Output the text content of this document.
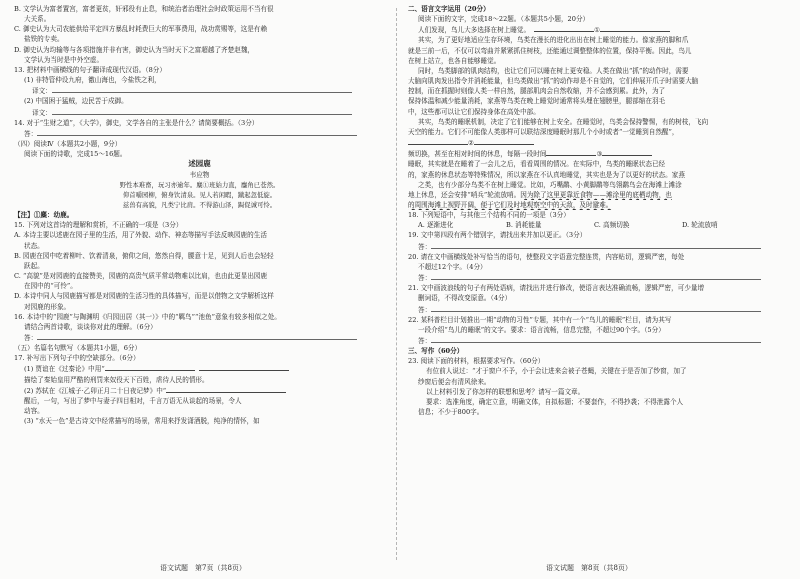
B. 文学认为富者置宫，富者更贫，奸邪役有止息，和统治者治理社会时政策运用不当有很
大关系。
C. 御史认为大司农能供给平定四方暴乱时耗费巨大的军事费用，战功赏赐等，这是有赖
盐铁的专卖。
D. 御史认为均输等与各项措施并非有害，御史认为当时天下之富超越了齐楚赵魏，
文学认为当时是中外空虚。
13. 把材料中画横线的句子翻译成现代汉语。（8分）
(1) 非特管仲设九府，徼山海也，今盐铁之利，
译文：
(2) 中国困于猛贼，边民苦于戍御。
译文：
14. 对于“生财之道”，《大学》，御史，文学各自的主张是什么？请简要概括。（3分）
答：
（四）阅读Ⅳ（本题共2小题，9分）
阅读下面的诗歌，完成15～16题。
述园鹿
韦应物
野性本难畜，玩习亦逾年。麋①班始力直，鏖角已苍然。
仰首嚼园柳，俯身饮清泉。见人若闲暇，蹴起忽低旋。
兹兽有高貌，凡类宁比肩。不得游山泽，跼促诚可怜。
【注】①麋：幼鹿。
15. 下列对这首诗的理解和赏析，不正确的一项是（3分）
A. 本诗主要以述鹿在园子里的生活，用了外貌、动作、神态等描写手法反映园鹿的生活
状态。
B. 园鹿在园中吃着柳叶、饮着清泉，俯仰之间，悠然自得，腰意十足，见到人后也会轻轻
跃起。
C. “高貌”是对园鹿的直接赞美，园鹿的高贵气质平常动物难以比肩，也由此更显出园鹿
在园中的“可怜”。
D. 本诗中同人与园鹿描写都是对园鹿的生活习性的具体描写，而是以借物之文学解析这样
对园鹿的形象。
16. 本诗中的“园鹿”与陶渊明《归园田居（其一）》中的“羁鸟”“池鱼”意象有较多相似之处。
请结合两首诗歌，谈谈你对此的理解。（6分）
答：
（五）名篇名句默写（本题共1小题，6分）
17. 补写出下列句子中的空缺部分。（6分）
(1) 贾谊在《过秦论》中用“
描绘了秦始皇用严酷的刑罚来奴役天下百姓，虐待人民的情形。
(2) 苏轼在《江城子·乙卯正月二十日夜记梦》中“
醒后，一句，写出了梦中与妻子四目相对，千言万语无从谈起的场景，令人
动容。
(3) “水天一色”是古诗文中经常描写的场景，常用来抒发潇酒脱，纯净的情怀，如
二、语言文字运用（20分）
阅读下面的文字，完成18～22题。（本题共5小题，20分）
人们发现，鸟儿大多选择在树上睡觉。	①
其实，为了更好地适应生存环境，鸟类在漫长的进化出出在树上睡觉的能力。像家燕的脚和爪
就是三前一后，不仅可以弯曲并紧紧抓住树枝，还能通过调整整体的位置，保持平衡。因此，鸟儿
在树上站立，也各自能够睡觉。
同时，鸟类脚部的肌肉结构，也让它们可以睡在树上更安稳。人类在做出“抓”的动作时，需要
大脑向肌肉发出指令并消耗能量，但鸟类做出“抓”的动作却是不自觉的，它们伸展开爪子时需要大脑
控制，而在抓握时则像人类一样自然，腿部肌肉会自然收缩，并不会感到累。此外，为了
保持体温和减少能量消耗，家燕等鸟类在晚上睡觉时通常将头埋在翅膀里，腿部缩在羽毛
中，这些都可以让它们保持身体在高处中部。
其实，鸟类的睡眠机制，决定了它们能够在树上安全。在睡觉时，鸟类会保持警惕，有的树枝，飞向
天空的能力。它们不可能像人类那样可以联结深度睡眠时那几个小时或者“一觉睡到自然醒”，
②
频切换，甚至在相对时间的休息，每隔一段时间	③
睡眠，其实就是在睡着了一会儿之后，看看周围的情况。在实际中，鸟类的睡眠状态已经
的，家燕的休息状态等特殊情况，所以家燕在不认真地睡觉，其实也是为了以更好的状态。家燕
之类，也有少部分鸟类不在树上睡觉。比如，巧嘴鹬、小黄脚鹬等鸟翎鹬鸟会在海滩上滩涂
地上休息，还会安排“哨兵”轮流放哨。因为除了这里更靠近食物——滩涂里的底栖动物，也
的周围海滩上视野开阔，便于它们及时地观察空中的天敌，及时避难。
18. 下列短语中，与其他三个结构不同的一项是（3分）
A. 逐渐进化	B. 消耗能量	C. 高频切换	D. 轮流放哨
19. 文中第四段有两个错别字，请找出来并加以更正。（3分）
答：
20. 请在文中画横线处补写恰当的语句，使整段文字语意完整连贯，内容贴切，逻辑严密，每处
不超过12个字。（4分）
答：
21. 文中画波浪线的句子有两处语病，请找出并进行修改，使语言表达准确流畅，逻辑严密，可少量增
删词语，不得改变原意。（4分）
答：
22. 某科普栏目计划推出一期“动物的习性”专题，其中有一个“鸟儿的睡眠”栏目，请为其写
一段介绍“鸟儿的睡眠”的文字。要求：语言流畅，信息完整，不超过90个字。（5分）
答：
三、写作（60分）
23. 阅读下面的材料，根据要求写作。（60分）
有位前人说过：“才于窗户不予，小于会让进来会被子苍蝇，关键在于是否加了纱窗，加了
纱窗后便会有清风徐来。
以上材料引发了你怎样的联想和思考？请写一篇文章。
要求：选准角度，确定立意，明确文体，自拟标题；不要套作，不得抄袭；不得泄露个人
信息；不少于800字。
语文试题　第7页（共8页）	语文试题　第8页（共8页）
